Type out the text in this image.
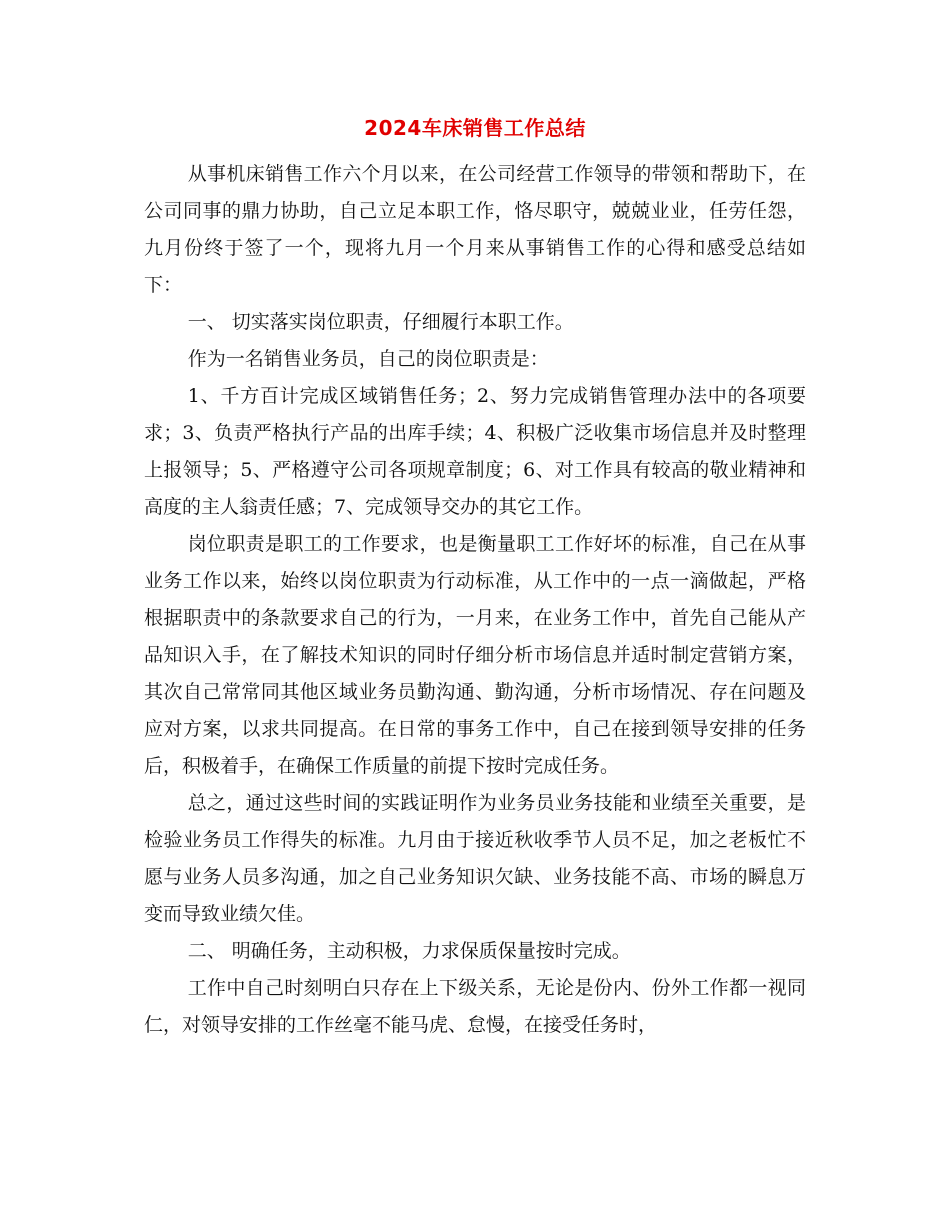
2024车床销售工作总结

从事机床销售工作六个月以来，在公司经营工作领导的带领和帮助下，在公司同事的鼎力协助，自己立足本职工作，恪尽职守，兢兢业业，任劳任怨，九月份终于签了一个，现将九月一个月来从事销售工作的心得和感受总结如下：

一、 切实落实岗位职责，仔细履行本职工作。

作为一名销售业务员，自己的岗位职责是：

1、千方百计完成区域销售任务；2、努力完成销售管理办法中的各项要求；3、负责严格执行产品的出库手续；4、积极广泛收集市场信息并及时整理上报领导；5、严格遵守公司各项规章制度；6、对工作具有较高的敬业精神和高度的主人翁责任感；7、完成领导交办的其它工作。

岗位职责是职工的工作要求，也是衡量职工工作好坏的标准，自己在从事业务工作以来，始终以岗位职责为行动标准，从工作中的一点一滴做起，严格根据职责中的条款要求自己的行为，一月来，在业务工作中，首先自己能从产品知识入手，在了解技术知识的同时仔细分析市场信息并适时制定营销方案，其次自己常常同其他区域业务员勤沟通、勤沟通，分析市场情况、存在问题及应对方案，以求共同提高。在日常的事务工作中，自己在接到领导安排的任务后，积极着手，在确保工作质量的前提下按时完成任务。

总之，通过这些时间的实践证明作为业务员业务技能和业绩至关重要，是检验业务员工作得失的标准。九月由于接近秋收季节人员不足，加之老板忙不愿与业务人员多沟通，加之自己业务知识欠缺、业务技能不高、市场的瞬息万变而导致业绩欠佳。

二、 明确任务，主动积极，力求保质保量按时完成。

工作中自己时刻明白只存在上下级关系，无论是份内、份外工作都一视同仁，对领导安排的工作丝毫不能马虎、怠慢，在接受任务时，
